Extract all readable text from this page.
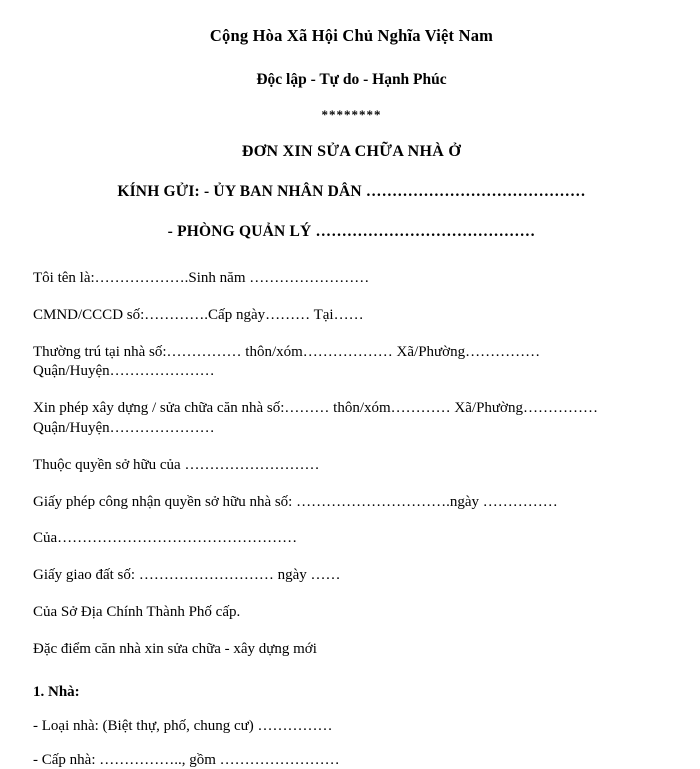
Cộng Hòa Xã Hội Chủ Nghĩa Việt Nam
Độc lập - Tự do - Hạnh Phúc
********
ĐƠN XIN SỬA CHỮA NHÀ Ở
KÍNH GỬI: - ỦY BAN NHÂN DÂN ……………………………………
- PHÒNG QUẢN LÝ ……………………………………
Tôi tên là:……………….Sinh năm ……………………
CMND/CCCD số:………….Cấp ngày……… Tại……
Thường trú tại nhà số:…………… thôn/xóm……………… Xã/Phường……………
Quận/Huyện…………………
Xin phép xây dựng / sửa chữa căn nhà số:……… thôn/xóm………… Xã/Phường……………
Quận/Huyện…………………
Thuộc quyền sở hữu của ………………………
Giấy phép công nhận quyền sở hữu nhà số: ………………………….ngày ……………
Của…………………………………………
Giấy giao đất số: ……………………… ngày ……
Của Sở Địa Chính Thành Phố cấp.
Đặc điểm căn nhà xin sửa chữa - xây dựng mới
1. Nhà:
- Loại nhà: (Biệt thự, phố, chung cư) ……………
- Cấp nhà: …………….., gồm ……………………
